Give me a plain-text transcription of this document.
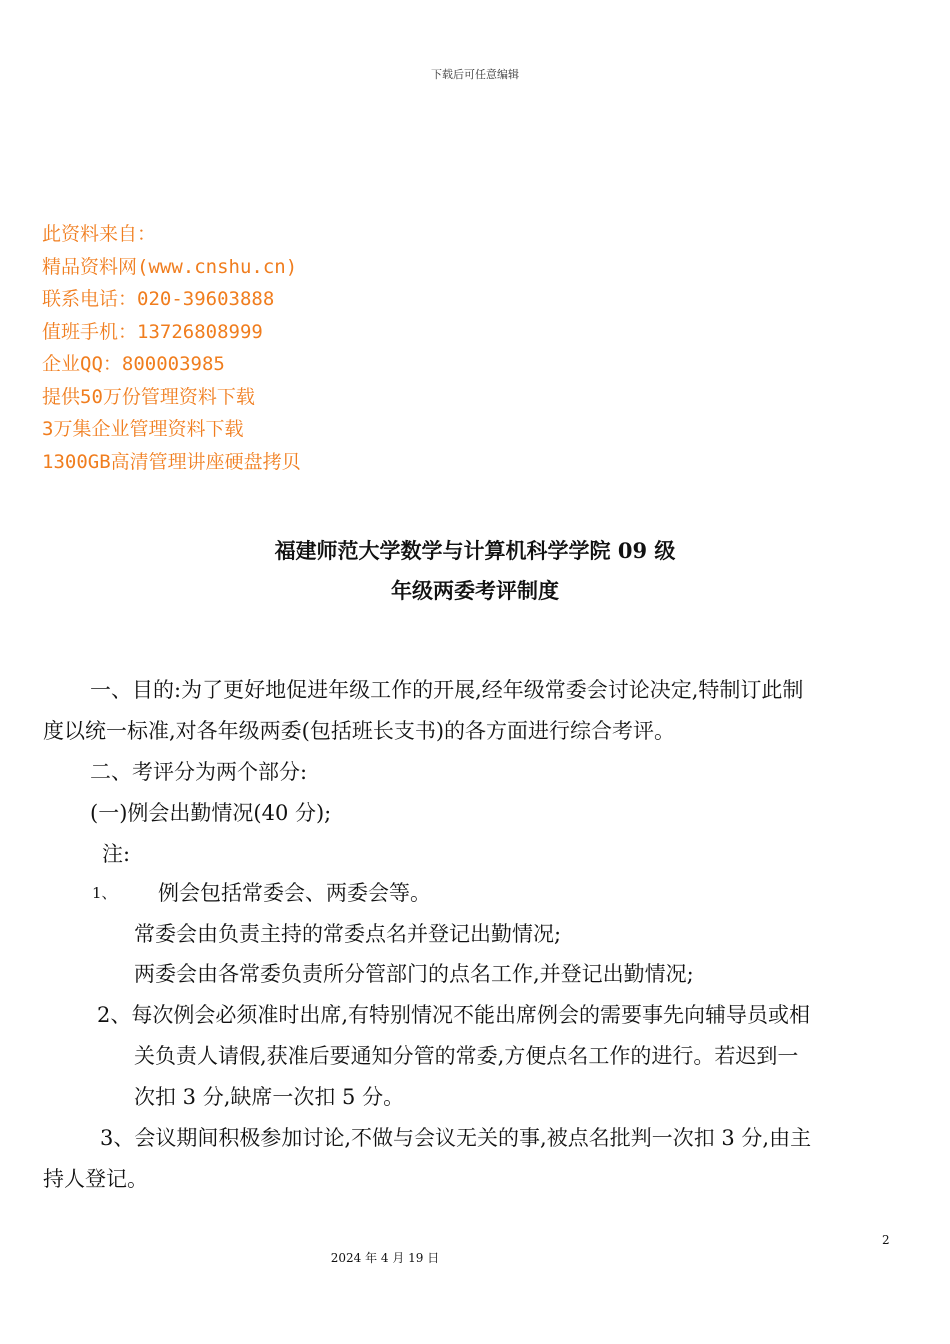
下载后可任意编辑
此资料来自：
精品资料网(www.cnshu.cn)
联系电话：020-39603888
值班手机：13726808999
企业QQ：800003985
提供50万份管理资料下载
3万集企业管理资料下载
1300GB高清管理讲座硬盘拷贝
福建师范大学数学与计算机科学学院 09 级
年级两委考评制度
一、目的:为了更好地促进年级工作的开展,经年级常委会讨论决定,特制订此制
度以统一标准,对各年级两委(包括班长支书)的各方面进行综合考评。
二、考评分为两个部分:
(一)例会出勤情况(40 分);
注:
1、 例会包括常委会、两委会等。
常委会由负责主持的常委点名并登记出勤情况;
两委会由各常委负责所分管部门的点名工作,并登记出勤情况;
2、每次例会必须准时出席,有特别情况不能出席例会的需要事先向辅导员或相
关负责人请假,获准后要通知分管的常委,方便点名工作的进行。若迟到一
次扣 3 分,缺席一次扣 5 分。
3、会议期间积极参加讨论,不做与会议无关的事,被点名批判一次扣 3 分,由主
持人登记。
2
2024 年 4 月 19 日
